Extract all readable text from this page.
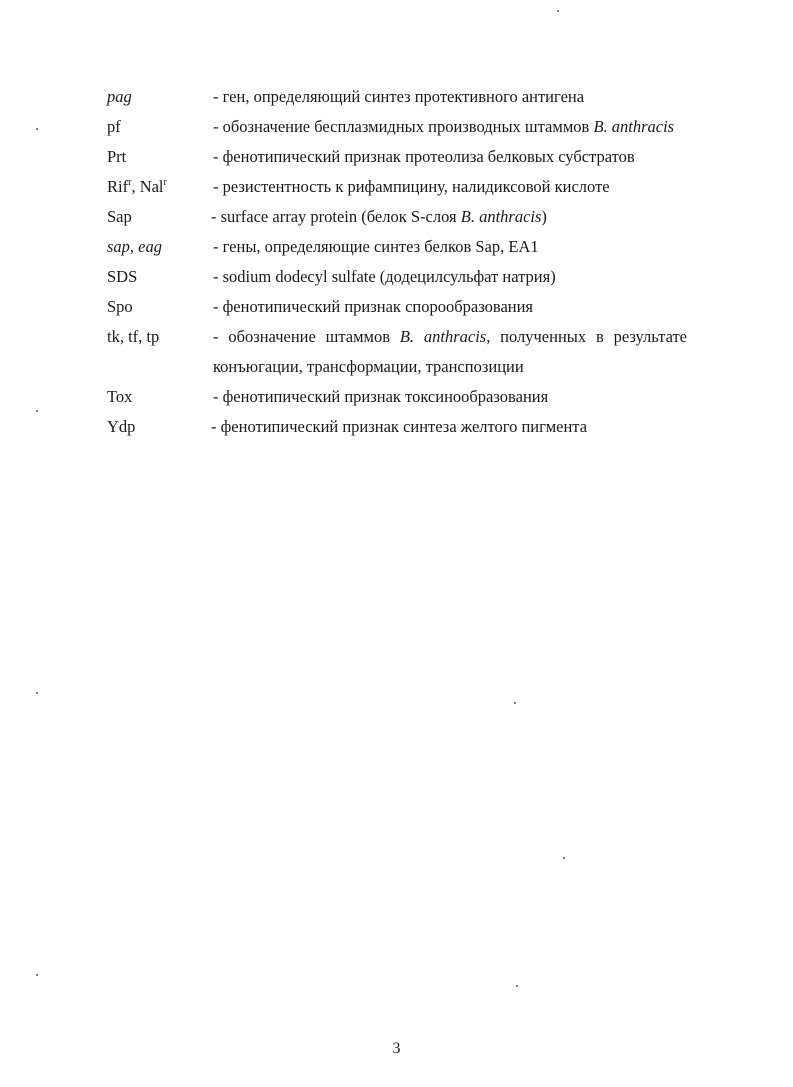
pag	- ген, определяющий синтез протективного антигена
pf	- обозначение бесплазмидных производных штаммов B. anthracis
Prt	- фенотипический признак протеолиза белковых субстратов
Rif$^r$, Nal$^r$	- резистентность к рифампицину, налидиксовой кислоте
Sap	- surface array protein (белок S-слоя B. anthracis)
sap, eag	- гены, определяющие синтез белков Sap, EA1
SDS	- sodium dodecyl sulfate (додецилсульфат натрия)
Spo	- фенотипический признак спорообразования
tk, tf, tp	- обозначение штаммов B. anthracis, полученных в результате конъюгации, трансформации, транспозиции
Tox	- фенотипический признак токсинообразования
Ydp	- фенотипический признак синтеза желтого пигмента
3
